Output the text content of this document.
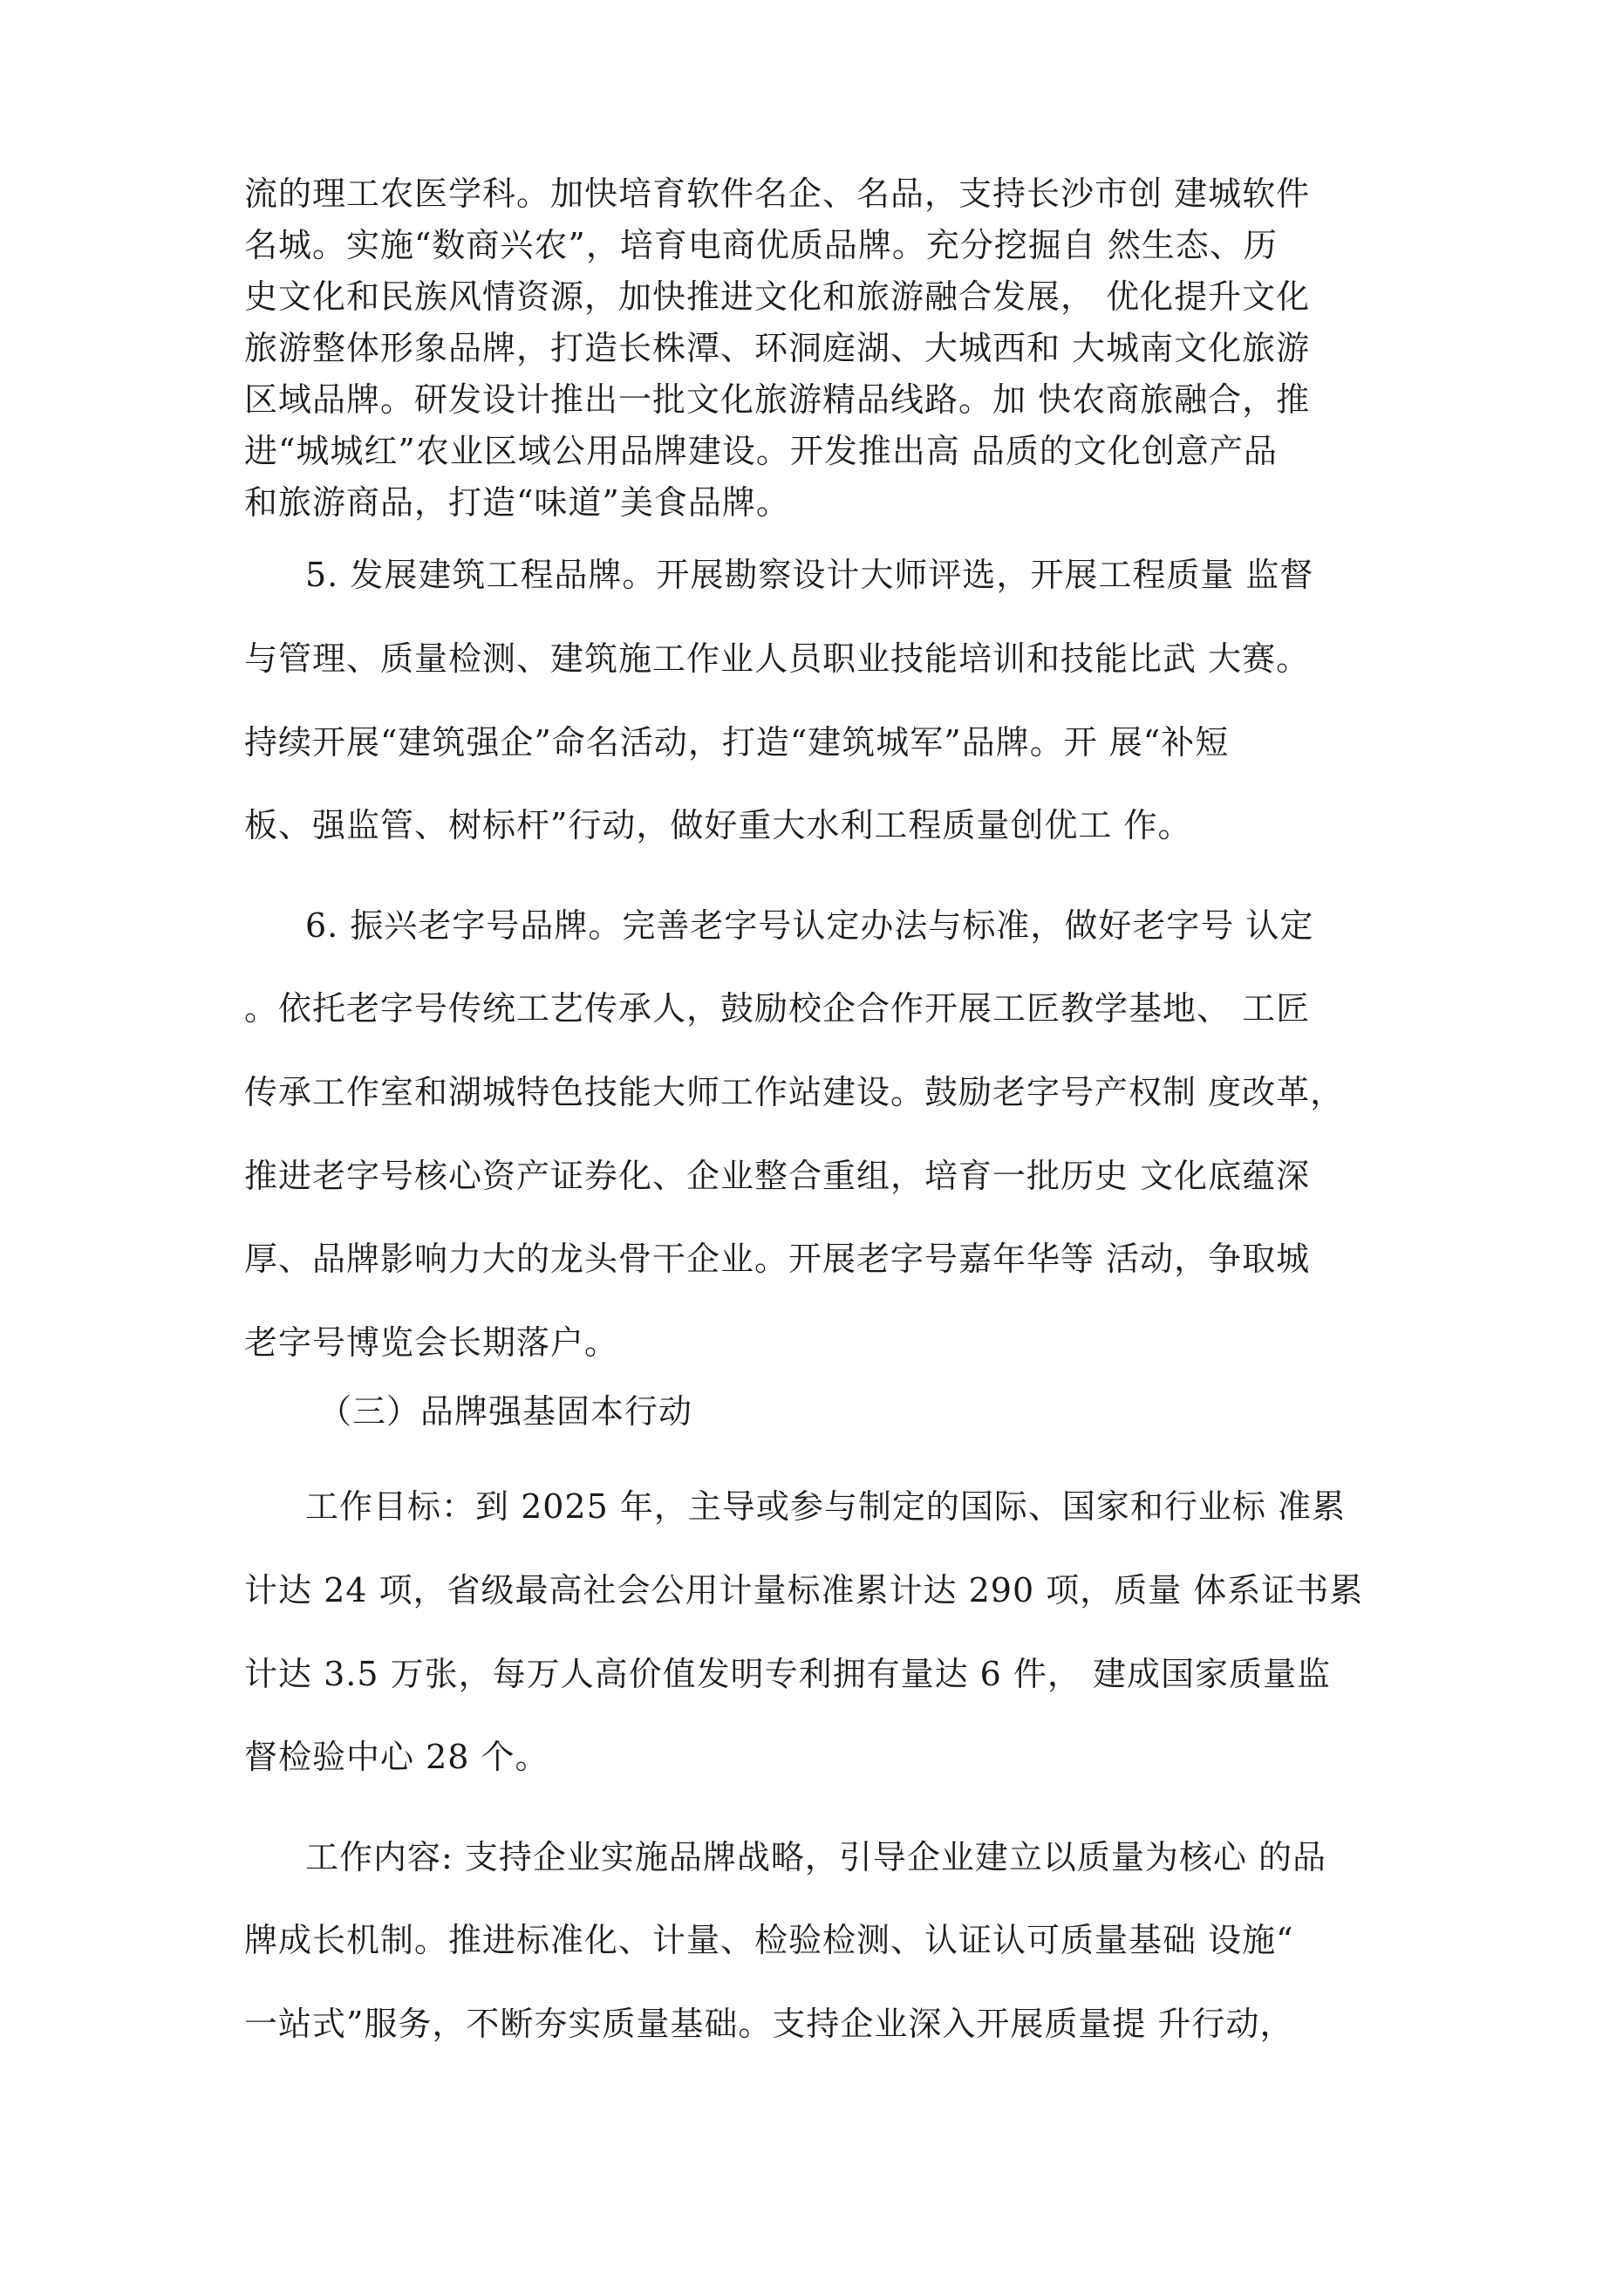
流的理工农医学科。加快培育软件名企、名品，支持长沙市创 建城软件
名城。实施“数商兴农”，培育电商优质品牌。充分挖掘自 然生态、历
史文化和民族风情资源，加快推进文化和旅游融合发展， 优化提升文化
旅游整体形象品牌，打造长株潭、环洞庭湖、大城西和 大城南文化旅游
区域品牌。研发设计推出一批文化旅游精品线路。加 快农商旅融合，推
进“城城红”农业区域公用品牌建设。开发推出高 品质的文化创意产品
和旅游商品，打造“味道”美食品牌。
5. 发展建筑工程品牌。开展勘察设计大师评选，开展工程质量 监督
与管理、质量检测、建筑施工作业人员职业技能培训和技能比武 大赛。
持续开展“建筑强企”命名活动，打造“建筑城军”品牌。开 展“补短
板、强监管、树标杆”行动，做好重大水利工程质量创优工 作。
6. 振兴老字号品牌。完善老字号认定办法与标准，做好老字号 认定
。依托老字号传统工艺传承人，鼓励校企合作开展工匠教学基地、 工匠
传承工作室和湖城特色技能大师工作站建设。鼓励老字号产权制 度改革，
推进老字号核心资产证券化、企业整合重组，培育一批历史 文化底蕴深
厚、品牌影响力大的龙头骨干企业。开展老字号嘉年华等 活动，争取城
老字号博览会长期落户。
（三）品牌强基固本行动
工作目标：到 2025 年，主导或参与制定的国际、国家和行业标 准累
计达 24 项，省级最高社会公用计量标准累计达 290 项，质量 体系证书累
计达 3.5 万张，每万人高价值发明专利拥有量达 6 件， 建成国家质量监
督检验中心 28 个。
工作内容: 支持企业实施品牌战略，引导企业建立以质量为核心 的品
牌成长机制。推进标准化、计量、检验检测、认证认可质量基础 设施“
一站式”服务，不断夯实质量基础。支持企业深入开展质量提 升行动，
